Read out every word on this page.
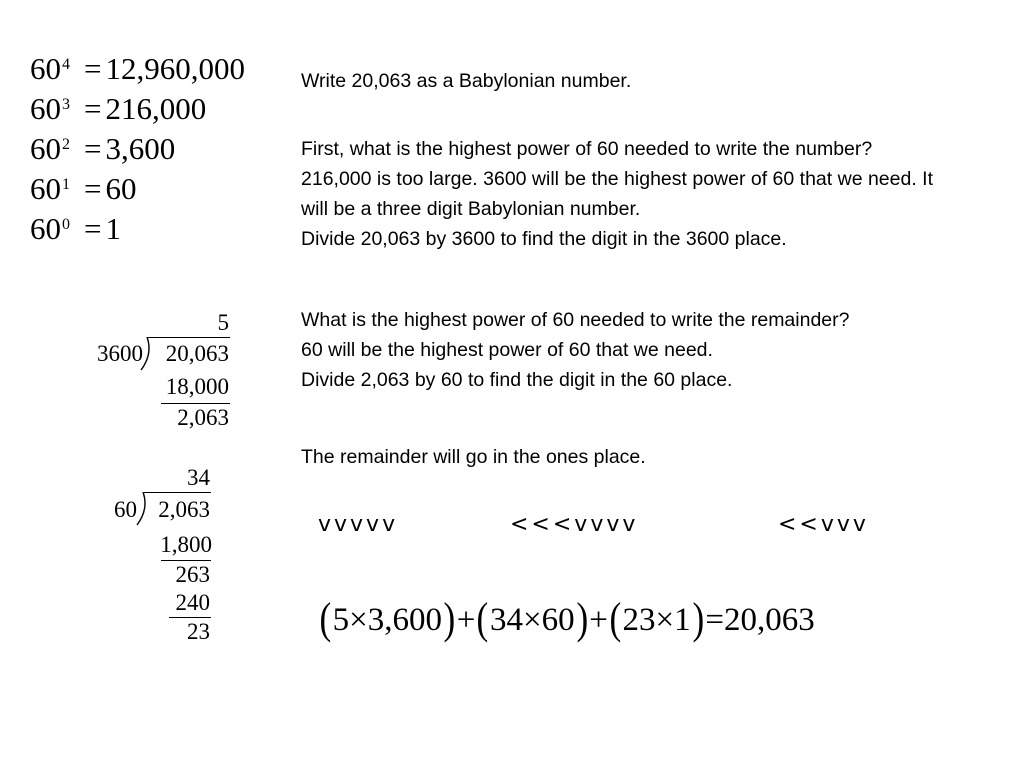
$60^4 = 12,960,000$
$60^3 = 216,000$
$60^2 = 3,600$
$60^1 = 60$
$60^0 = 1$

Write 20,063 as a Babylonian number.

First, what is the highest power of 60 needed to write the number?

216,000 is too large. 3600 will be the highest power of 60 that we need. It will be a three digit Babylonian number.

Divide 20,063 by 3600 to find the digit in the 3600 place.

What is the highest power of 60 needed to write the remainder?

60 will be the highest power of 60 that we need.

Divide 2,063 by 60 to find the digit in the 60 place.

The remainder will go in the ones place.

5
3600 20,063
18,000
2,063
34
60 2,063
1,800
263
240
23
vvvvv	<<<vvvv	<<vvv
(5×3,600)+(34×60)+(23×1)=20,063
